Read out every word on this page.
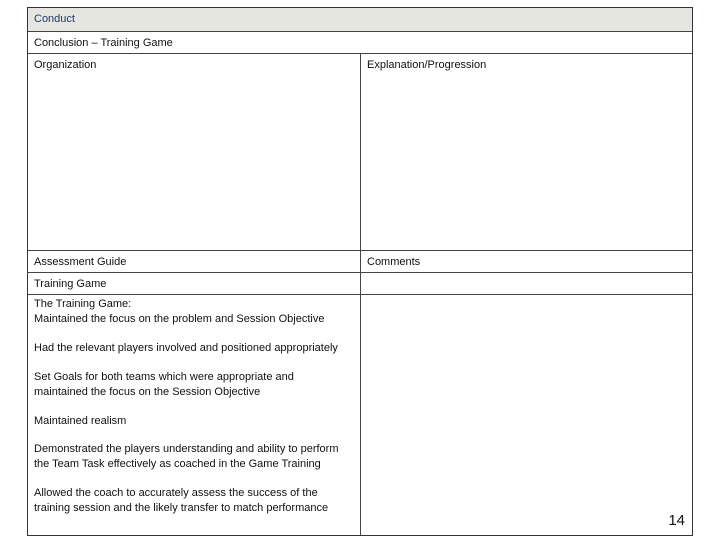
Conduct
Conclusion – Training Game
Organization	Explanation/Progression
Assessment Guide	Comments
Training Game
The Training Game:
Maintained the focus on the problem and Session Objective
Had the relevant players involved and positioned appropriately
Set Goals for both teams which were appropriate and
maintained the focus on the Session Objective
Maintained realism
Demonstrated the players understanding and ability to perform
the Team Task effectively as coached in the Game Training
Allowed the coach to accurately assess the success of the
training session and the likely transfer to match performance
14
